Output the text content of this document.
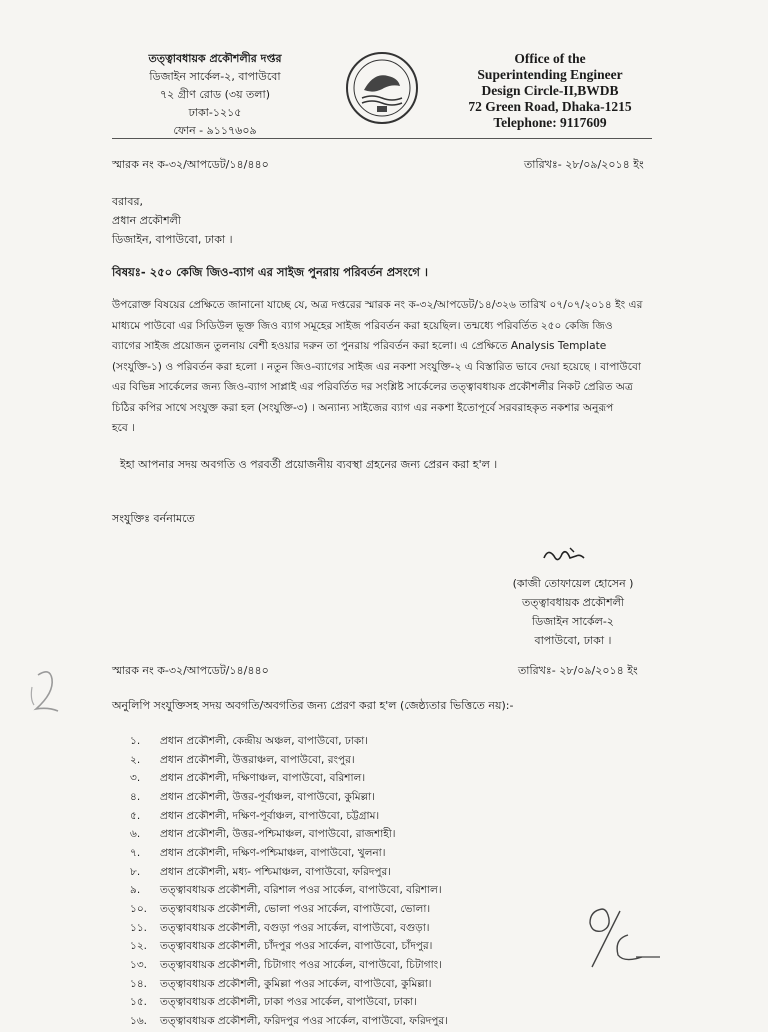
তত্ত্বাবধায়ক প্রকৌশলীর দপ্তর
ডিজাইন সার্কেল-২, বাপাউবো
৭২ গ্রীণ রোড (৩য় তলা)
ঢাকা-১২১৫
ফোন - ৯১১৭৬০৯
Office of the
Superintending Engineer
Design Circle-II,BWDB
72 Green Road, Dhaka-1215
Telephone: 9117609
স্মারক নং ক-৩২/আপডেট/১৪/৪৪০	তারিখঃ- ২৮/০৯/২০১৪ ইং
বরাবর,
প্রধান প্রকৌশলী
ডিজাইন, বাপাউবো, ঢাকা ।
বিষয়ঃ- ২৫০ কেজি জিও-ব্যাগ এর সাইজ পুনরায় পরিবর্তন প্রসংগে ।
উপরোক্ত বিষয়ের প্রেক্ষিতে জানানো যাচ্ছে যে, অত্র দপ্তরের স্মারক নং ক-৩২/আপডেট/১৪/৩২৬ তারিখ ০৭/০৭/২০১৪ ইং এর
মাধ্যমে পাউবো এর সিডিউল ভূক্ত জিও ব্যাগ সমূহের সাইজ পরিবর্তন করা হয়েছিল। তন্মধ্যে পরিবর্তিত ২৫০ কেজি জিও
ব্যাগের সাইজ প্রয়োজন তুলনায় বেশী হওয়ার দরুন তা পুনরায় পরিবর্তন করা হলো। এ প্রেক্ষিতে Analysis Template
(সংযুক্তি-১) ও পরিবর্তন করা হলো । নতুন জিও-ব্যাগের সাইজ এর নকশা সংযুক্তি-২ এ বিস্তারিত ভাবে দেয়া হয়েছে । বাপাউবো
এর বিভিন্ন সার্কেলের জন্য জিও-ব্যাগ সাপ্লাই এর পরিবর্তিত দর সংশ্লিষ্ট সার্কেলের তত্ত্বাবধায়ক প্রকৌশলীর নিকট প্রেরিত অত্র
চিঠির কপির সাথে সংযুক্ত করা হল (সংযুক্তি-৩) । অন্যান্য সাইজের ব্যাগ এর নকশা ইতোপূর্বে সরবরাহকৃত নকশার অনুরূপ
হবে ।
ইহা আপনার সদয় অবগতি ও পরবর্তী প্রয়োজনীয় ব্যবস্থা গ্রহনের জন্য প্রেরন করা হ'ল ।
সংযুক্তিঃ বর্ননামতে
(কাজী তোফায়েল হোসেন )
তত্ত্বাবধায়ক প্রকৌশলী
ডিজাইন সার্কেল-২
বাপাউবো, ঢাকা ।
স্মারক নং ক-৩২/আপডেট/১৪/৪৪০	তারিখঃ- ২৮/০৯/২০১৪ ইং
অনুলিপি সংযুক্তিসহ সদয় অবগতি/অবগতির জন্য প্রেরণ করা হ'ল (জেষ্ঠ্যতার ভিত্তিতে নয়):-
১.	প্রধান প্রকৌশলী, কেন্দ্রীয় অঞ্চল, বাপাউবো, ঢাকা।
২.	প্রধান প্রকৌশলী, উত্তরাঞ্চল, বাপাউবো, রংপুর।
৩.	প্রধান প্রকৌশলী, দক্ষিণাঞ্চল, বাপাউবো, বরিশাল।
৪.	প্রধান প্রকৌশলী, উত্তর-পূর্বাঞ্চল, বাপাউবো, কুমিল্লা।
৫.	প্রধান প্রকৌশলী, দক্ষিণ-পূর্বাঞ্চল, বাপাউবো, চট্টগ্রাম।
৬.	প্রধান প্রকৌশলী, উত্তর-পশ্চিমাঞ্চল, বাপাউবো, রাজশাহী।
৭.	প্রধান প্রকৌশলী, দক্ষিণ-পশ্চিমাঞ্চল, বাপাউবো, খুলনা।
৮.	প্রধান প্রকৌশলী, মধ্য- পশ্চিমাঞ্চল, বাপাউবো, ফরিদপুর।
৯.	তত্ত্বাবধায়ক প্রকৌশলী, বরিশাল পওর সার্কেল, বাপাউবো, বরিশাল।
১০.	তত্ত্বাবধায়ক প্রকৌশলী, ভোলা পওর সার্কেল, বাপাউবো, ভোলা।
১১.	তত্ত্বাবধায়ক প্রকৌশলী, বগুড়া পওর সার্কেল, বাপাউবো, বগুড়া।
১২.	তত্ত্বাবধায়ক প্রকৌশলী, চাঁদপুর পওর সার্কেল, বাপাউবো, চাঁদপুর।
১৩.	তত্ত্বাবধায়ক প্রকৌশলী, চিটাগাং পওর সার্কেল, বাপাউবো, চিটাগাং।
১৪.	তত্ত্বাবধায়ক প্রকৌশলী, কুমিল্লা পওর সার্কেল, বাপাউবো, কুমিল্লা।
১৫.	তত্ত্বাবধায়ক প্রকৌশলী, ঢাকা পওর সার্কেল, বাপাউবো, ঢাকা।
১৬.	তত্ত্বাবধায়ক প্রকৌশলী, ফরিদপুর পওর সার্কেল, বাপাউবো, ফরিদপুর।
